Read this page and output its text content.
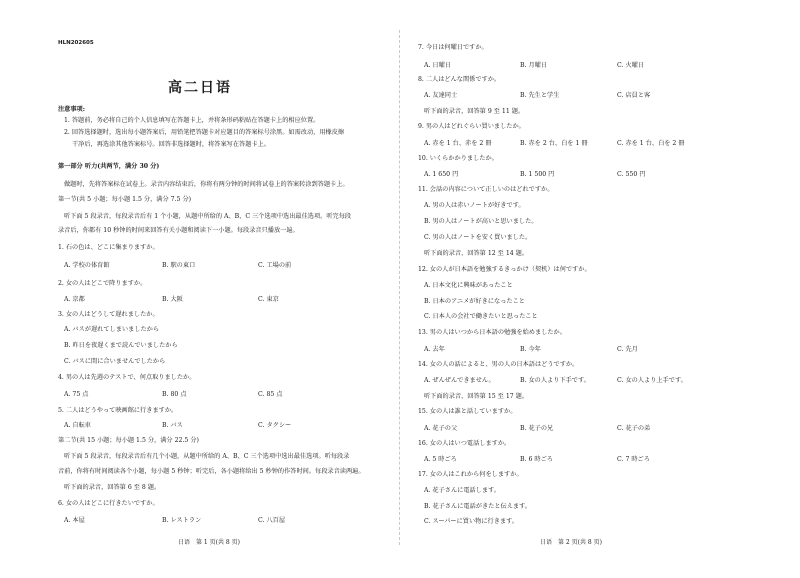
HLN202605
高二日语
注意事项:
1. 答题前，务必将自己的个人信息填写在答题卡上，并将条形码粘贴在答题卡上的相应位置。
2. 回答选择题时，选出每小题答案后，用铅笔把答题卡对应题目的答案标号涂黑。如需改动，用橡皮擦
干净后，再选涂其他答案标号。回答非选择题时，将答案写在答题卡上。
第一部分 听力(共两节，满分 30 分)
做题时，先将答案标在试卷上。录音内容结束后，你将有两分钟的时间将试卷上的答案转涂到答题卡上。
第一节(共 5 小题；每小题 1.5 分，满分 7.5 分)
听下面 5 段录音，每段录音后有 1 个小题，从题中所给的 A、B、C 三个选项中选出最佳选项。听完每段
录音后，你都有 10 秒钟的时间来回答有关小题和阅读下一小题。每段录音只播放一遍。
1. 石の色は、どこに集まりますか。
A. 学校の体育館	B. 駅の東口	C. 工場の前
2. 女の人はどこで降りますか。
A. 京都	B. 大阪	C. 東京
3. 女の人はどうして遅れましたか。
A. バスが遅れてしまいましたから
B. 昨日を夜遅くまで読んでいましたから
C. バスに間に合いませんでしたから
4. 男の人は先週のテストで、何点取りましたか。
A. 75 点	B. 80 点	C. 85 点
5. 二人はどうやって映画館に行きますか。
A. 自転車	B. バス	C. タクシー
第二节(共 15 小题；每小题 1.5 分，满分 22.5 分)
听下面 5 段录音，每段录音后有几个小题，从题中所给的 A、B、C 三个选项中选出最佳选项。听每段录
音前，你将有时间阅读各个小题，每小题 5 秒钟；听完后，各小题将给出 5 秒钟的作答时间。每段录音读两遍。
听下面的录音，回答第 6 至 8 题。
6. 女の人はどこに行きたいですか。
A. 本屋	B. レストラン	C. 八百屋
日语　第 1 页(共 8 页)
7. 今日は何曜日ですか。
A. 日曜日	B. 月曜日	C. 火曜日
8. 二人はどんな関係ですか。
A. 友達同士	B. 先生と学生	C. 店員と客
听下面的录音，回答第 9 至 11 题。
9. 男の人はどれぐらい買いましたか。
A. 赤を 1 台、赤を 2 冊	B. 赤を 2 台、白を 1 冊	C. 赤を 1 台、白を 2 冊
10. いくらかかりましたか。
A. 1 650 円	B. 1 500 円	C. 550 円
11. 会話の内容について正しいのはどれですか。
A. 男の人は赤いノートが好きです。
B. 男の人はノートが高いと思いました。
C. 男の人はノートを安く買いました。
听下面的录音，回答第 12 至 14 题。
12. 女の人が日本語を勉強するきっかけ（契机）は何ですか。
A. 日本文化に興味があったこと
B. 日本のアニメが好きになったこと
C. 日本人の会社で働きたいと思ったこと
13. 男の人はいつから日本語の勉強を始めましたか。
A. 去年	B. 今年	C. 先月
14. 女の人の話によると、男の人の日本語はどうですか。
A. ぜんぜんできません。	B. 女の人より下手です。	C. 女の人より上手です。
听下面的录音，回答第 15 至 17 题。
15. 女の人は誰と話していますか。
A. 花子の父	B. 花子の兄	C. 花子の弟
16. 女の人はいつ電話しますか。
A. 5 時ごろ	B. 6 時ごろ	C. 7 時ごろ
17. 女の人はこれから何をしますか。
A. 花子さんに電話します。
B. 花子さんに電話がきたと伝えます。
C. スーパーに買い物に行きます。
日语　第 2 页(共 8 页)
